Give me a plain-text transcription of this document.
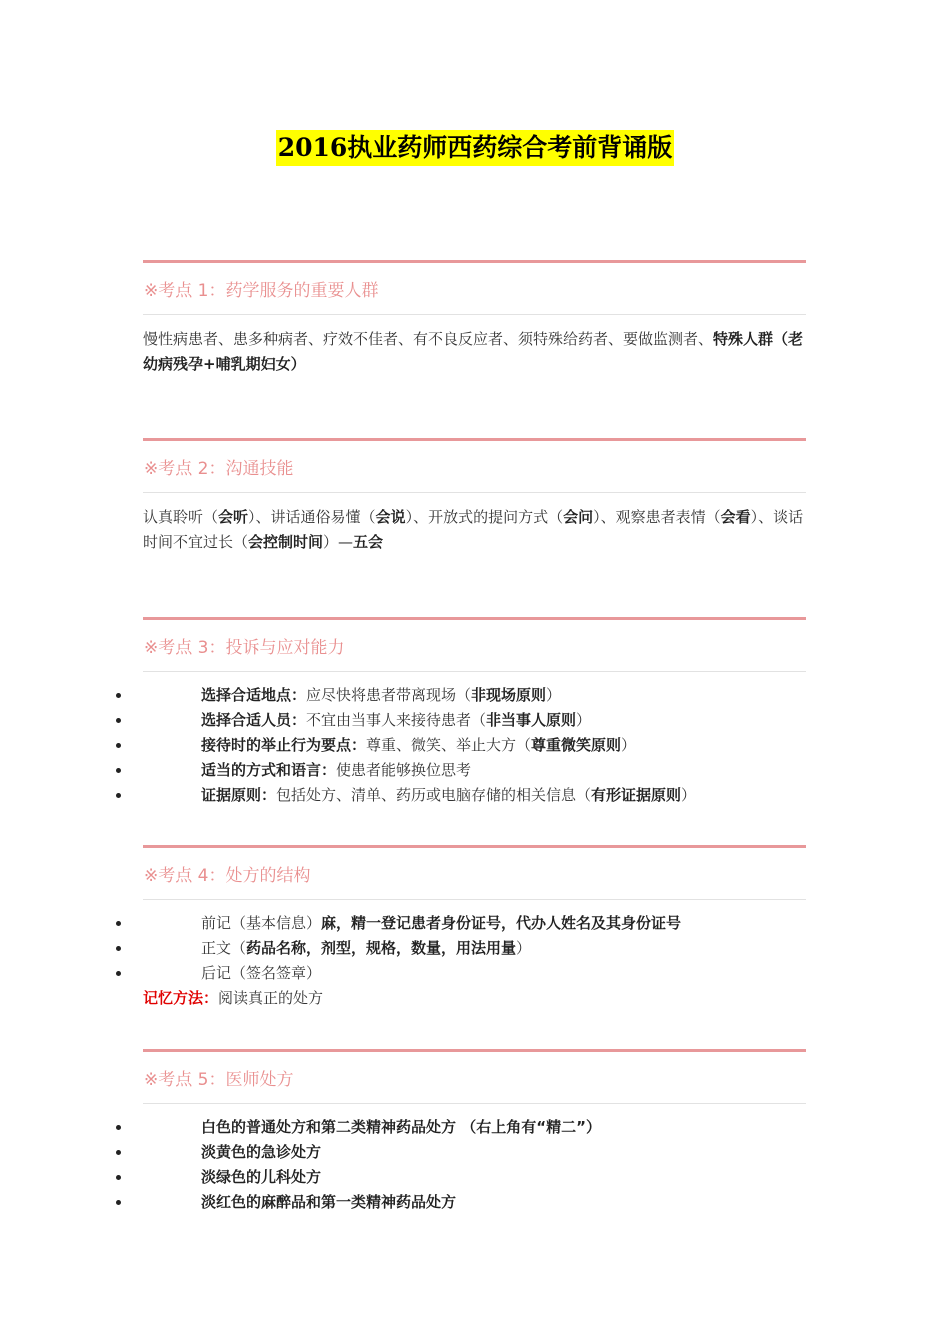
2016执业药师西药综合考前背诵版
※考点 1：药学服务的重要人群
慢性病患者、患多种病者、疗效不佳者、有不良反应者、须特殊给药者、要做监测者、特殊人群（老幼病残孕+哺乳期妇女）
※考点 2：沟通技能
认真聆听（会听）、讲话通俗易懂（会说）、开放式的提问方式（会问）、观察患者表情（会看）、谈话时间不宜过长（会控制时间）—五会
※考点 3：投诉与应对能力
选择合适地点：应尽快将患者带离现场（非现场原则）
选择合适人员：不宜由当事人来接待患者（非当事人原则）
接待时的举止行为要点：尊重、微笑、举止大方（尊重微笑原则）
适当的方式和语言：使患者能够换位思考
证据原则：包括处方、清单、药历或电脑存储的相关信息（有形证据原则）
※考点 4：处方的结构
前记（基本信息）麻，精一登记患者身份证号，代办人姓名及其身份证号
正文（药品名称，剂型，规格，数量，用法用量）
后记（签名签章）
记忆方法：阅读真正的处方
※考点 5：医师处方
白色的普通处方和第二类精神药品处方 （右上角有“精二”）
淡黄色的急诊处方
淡绿色的儿科处方
淡红色的麻醉品和第一类精神药品处方
